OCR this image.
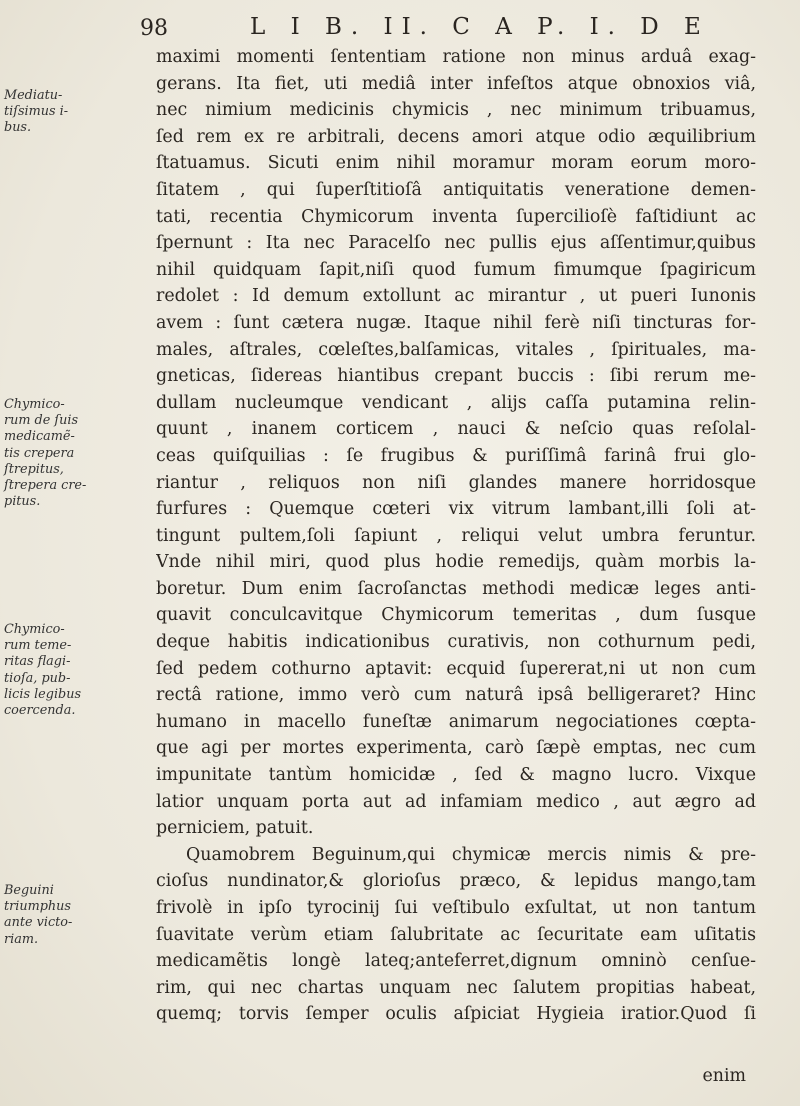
98	L I B. II. C A P. I. D E
Mediatu-
tiſsimus i-
bus.
Chymico-
rum de ſuis
medicamẽ-
tis crepera
ſtrepitus,
ſtrepera cre-
pitus.
Chymico-
rum teme-
ritas flagi-
tioſa, pub-
licis legibus
coercenda.
Beguini
triumphus
ante victo-
riam.
maximi momenti ſententiam ratione non minus arduâ exag-
gerans. Ita fiet, uti mediâ inter infeſtos atque obnoxios viâ,
nec nimium medicinis chymicis , nec minimum tribuamus,
ſed rem ex re arbitrali, decens amori atque odio æquilibrium
ſtatuamus. Sicuti enim nihil moramur moram eorum moro-
ſitatem , qui ſuperſtitioſâ antiquitatis veneratione demen-
tati, recentia Chymicorum inventa ſupercilioſè faſtidiunt ac
ſpernunt : Ita nec Paracelſo nec pullis ejus aſſentimur,quibus
nihil quidquam ſapit,niſi quod fumum fimumque ſpagiricum
redolet : Id demum extollunt ac mirantur , ut pueri Iunonis
avem : ſunt cætera nugæ. Itaque nihil ferè niſi tincturas for-
males, aſtrales, cœleſtes,balſamicas, vitales , ſpirituales, ma-
gneticas, ſidereas hiantibus crepant buccis : ſibi rerum me-
dullam nucleumque vendicant , alijs caſſa putamina relin-
quunt , inanem corticem , nauci & neſcio quas reſolal-
ceas quiſquilias : ſe frugibus & puriſſimâ farinâ frui glo-
riantur , reliquos non niſi glandes manere horridosque
furfures : Quemque cœteri vix vitrum lambant,illi ſoli at-
tingunt pultem,ſoli ſapiunt , reliqui velut umbra feruntur.
Vnde nihil miri, quod plus hodie remedijs, quàm morbis la-
boretur. Dum enim ſacroſanctas methodi medicæ leges anti-
quavit conculcavitque Chymicorum temeritas , dum ſusque
deque habitis indicationibus curativis, non cothurnum pedi,
ſed pedem cothurno aptavit: ecquid ſupererat,ni ut non cum
rectâ ratione, immo verò cum naturâ ipsâ belligeraret? Hinc
humano in macello funeſtæ animarum negociationes cœpta-
que agi per mortes experimenta, carò ſæpè emptas, nec cum
impunitate tantùm homicidæ , ſed & magno lucro. Vixque
latior unquam porta aut ad infamiam medico , aut ægro ad
perniciem, patuit.
Quamobrem Beguinum,qui chymicæ mercis nimis & pre-
cioſus nundinator,& glorioſus præco, & lepidus mango,tam
frivolè in ipſo tyrocinij ſui veſtibulo exſultat, ut non tantum
ſuavitate verùm etiam ſalubritate ac ſecuritate eam uſitatis
medicamẽtis longè lateq;anteferret,dignum omninò cenſue-
rim, qui nec chartas unquam nec ſalutem propitias habeat,
quemq; torvis ſemper oculis aſpiciat Hygieia iratior.Quod ſi
enim
